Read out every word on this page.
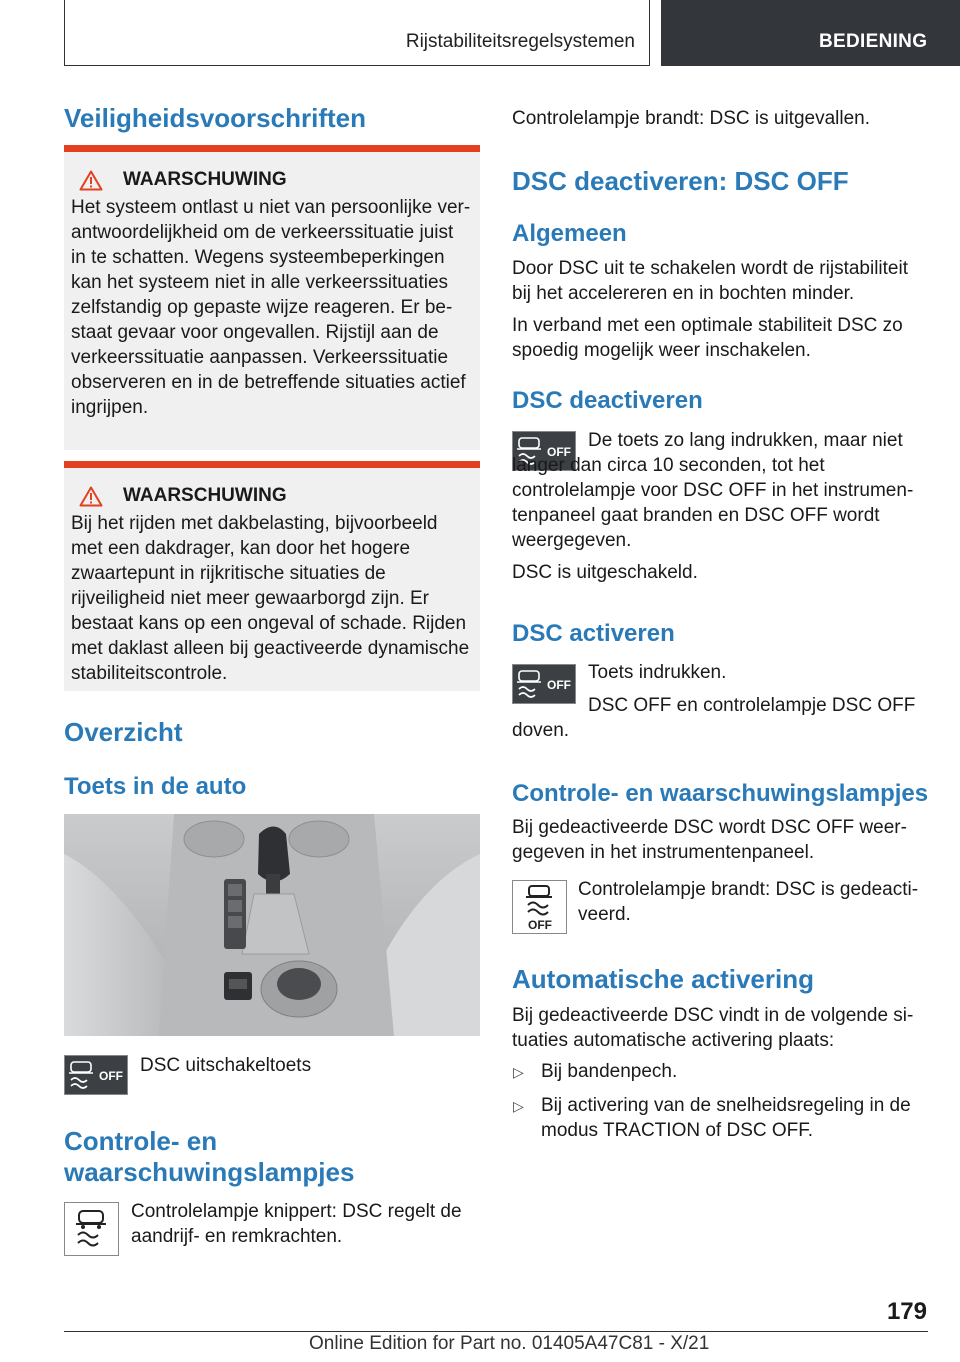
Rijstabiliteitsregelsystemen	BEDIENING
Veiligheidsvoorschriften
WAARSCHUWING

Het systeem ontlast u niet van persoonlijke verantwoordelijkheid om de verkeerssituatie juist in te schatten. Wegens systeembeperkingen kan het systeem niet in alle verkeerssituaties zelfstandig op gepaste wijze reageren. Er bestaat gevaar voor ongevallen. Rijstijl aan de verkeerssituatie aanpassen. Verkeerssituatie observeren en in de betreffende situaties actief ingrijpen.

WAARSCHUWING

Bij het rijden met dakbelasting, bijvoorbeeld met een dakdrager, kan door het hogere zwaartepunt in rijkritische situaties de rijveiligheid niet meer gewaarborgd zijn. Er bestaat kans op een ongeval of schade. Rijden met daklast alleen bij geactiveerde dynamische stabiliteitscontrole.

Overzicht
Toets in de auto
OFF DSC uitschakeltoets

Controle- en
waarschuwingslampjes

Controlelampje knippert: DSC regelt de aandrijf- en remkrachten.

Controlelampje brandt: DSC is uitgevallen.

DSC deactiveren: DSC OFF
Algemeen

Door DSC uit te schakelen wordt de rijstabiliteit bij het accelereren en in bochten minder.

In verband met een optimale stabiliteit DSC zo spoedig mogelijk weer inschakelen.

DSC deactiveren
OFF

De toets zo lang indrukken, maar niet langer dan circa 10 seconden, tot het controlelampje voor DSC OFF in het instrumentenpaneel gaat branden en DSC OFF wordt weergegeven.

DSC is uitgeschakeld.

DSC activeren
OFF

Toets indrukken.

DSC OFF en controlelampje DSC OFF doven.

Controle- en waarschuwingslampjes

Bij gedeactiveerde DSC wordt DSC OFF weergegeven in het instrumentenpaneel.

OFF

Controlelampje brandt: DSC is gedeactiveerd.

Automatische activering

Bij gedeactiveerde DSC vindt in de volgende situaties automatische activering plaats:

▷ Bij bandenpech.

▷ Bij activering van de snelheidsregeling in de modus TRACTION of DSC OFF.

179
Online Edition for Part no. 01405A47C81 - X/21
